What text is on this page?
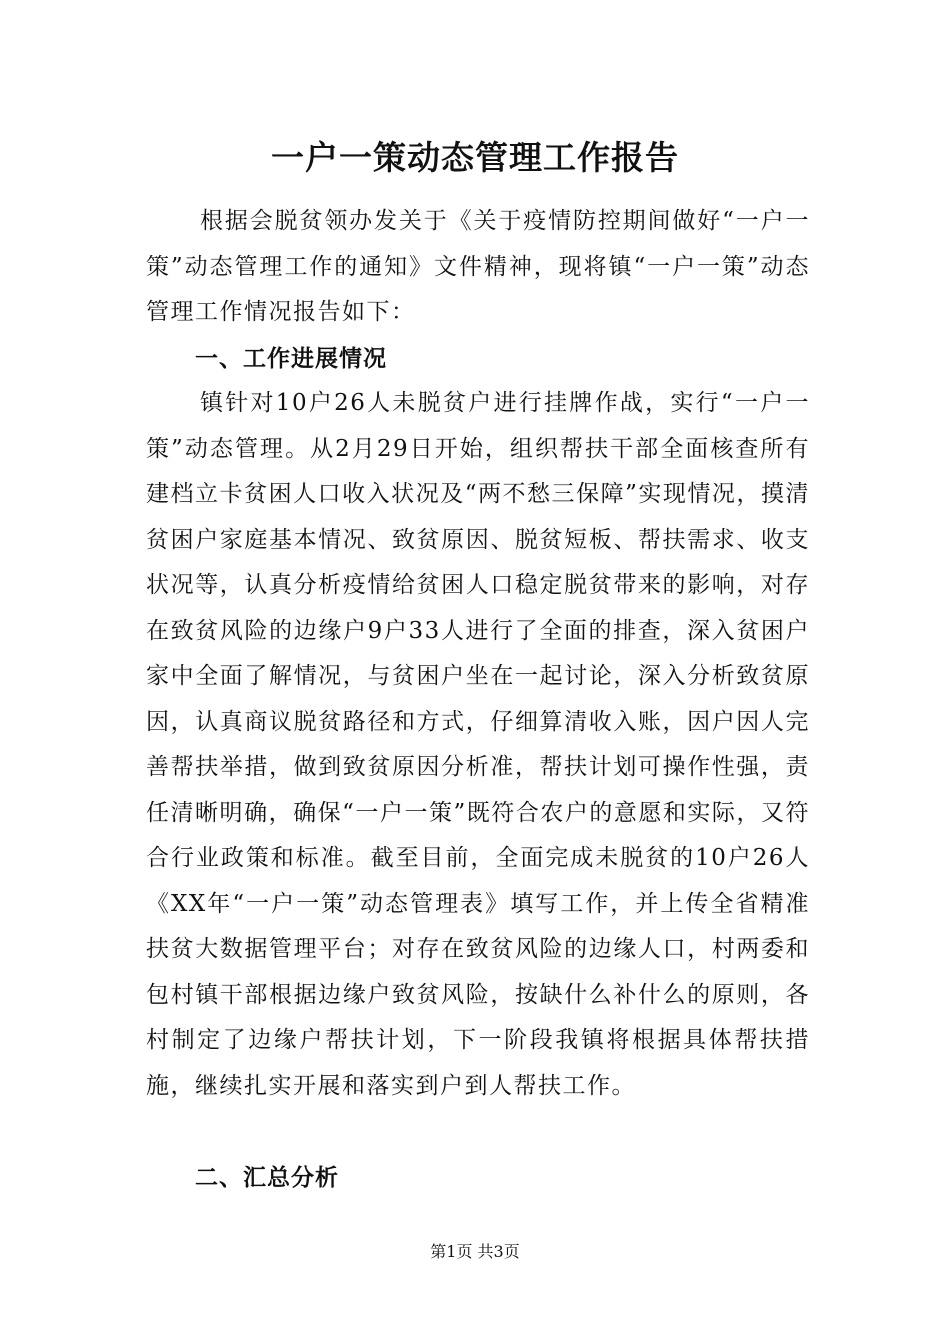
一户一策动态管理工作报告
根据会脱贫领办发关于《关于疫情防控期间做好“一户一策”动态管理工作的通知》文件精神，现将镇“一户一策”动态管理工作情况报告如下：
一、工作进展情况
镇针对10户26人未脱贫户进行挂牌作战，实行“一户一策”动态管理。从2月29日开始，组织帮扶干部全面核查所有建档立卡贫困人口收入状况及“两不愁三保障”实现情况，摸清贫困户家庭基本情况、致贫原因、脱贫短板、帮扶需求、收支状况等，认真分析疫情给贫困人口稳定脱贫带来的影响，对存在致贫风险的边缘户9户33人进行了全面的排查，深入贫困户家中全面了解情况，与贫困户坐在一起讨论，深入分析致贫原因，认真商议脱贫路径和方式，仔细算清收入账，因户因人完善帮扶举措，做到致贫原因分析准，帮扶计划可操作性强，责任清晰明确，确保“一户一策”既符合农户的意愿和实际，又符合行业政策和标准。截至目前，全面完成未脱贫的10户26人《XX年“一户一策”动态管理表》填写工作，并上传全省精准扶贫大数据管理平台；对存在致贫风险的边缘人口，村两委和包村镇干部根据边缘户致贫风险，按缺什么补什么的原则，各村制定了边缘户帮扶计划，下一阶段我镇将根据具体帮扶措施，继续扎实开展和落实到户到人帮扶工作。
二、汇总分析
第1页 共3页
